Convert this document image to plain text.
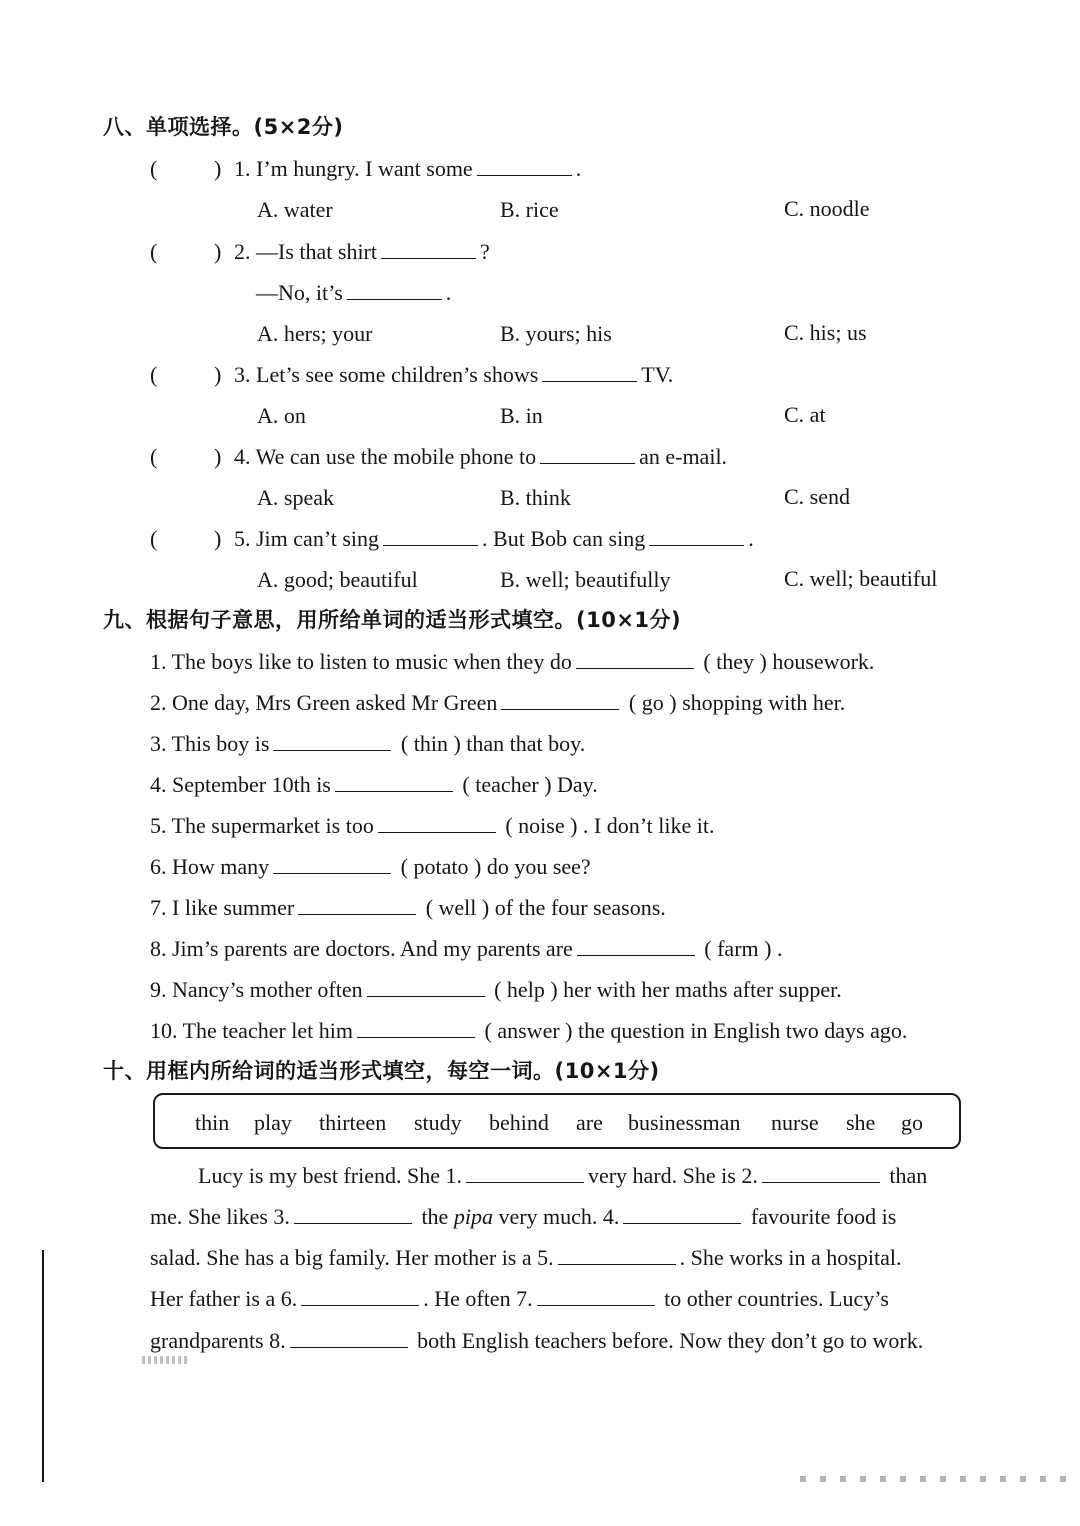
八、单项选择。(5×2分)
(	) 1. I’m hungry. I want some	.
A. water	B. rice	C. noodle
(	) 2. —Is that shirt	?
—No, it’s	.
A. hers; your	B. yours; his	C. his; us
(	) 3. Let’s see some children’s shows	TV.
A. on	B. in	C. at
(	) 4. We can use the mobile phone to	an e-mail.
A. speak	B. think	C. send
(	) 5. Jim can’t sing	. But Bob can sing	.
A. good; beautiful	B. well; beautifully	C. well; beautiful
九、根据句子意思，用所给单词的适当形式填空。(10×1分)
1. The boys like to listen to music when they do	( they ) housework.
2. One day, Mrs Green asked Mr Green	( go ) shopping with her.
3. This boy is	( thin ) than that boy.
4. September 10th is	( teacher ) Day.
5. The supermarket is too	( noise ) . I don’t like it.
6. How many	( potato ) do you see?
7. I like summer	( well ) of the four seasons.
8. Jim’s parents are doctors. And my parents are	( farm ) .
9. Nancy’s mother often	( help ) her with her maths after supper.
10. The teacher let him	( answer ) the question in English two days ago.
十、用框内所给词的适当形式填空，每空一词。(10×1分)
thin play thirteen study behind are businessman nurse she go
Lucy is my best friend. She 1.	very hard. She is 2.	than
me. She likes 3.	the pipa very much. 4.	favourite food is
salad. She has a big family. Her mother is a 5.	. She works in a hospital.
Her father is a 6.	. He often 7.	to other countries. Lucy’s
grandparents 8.	both English teachers before. Now they don’t go to work.
